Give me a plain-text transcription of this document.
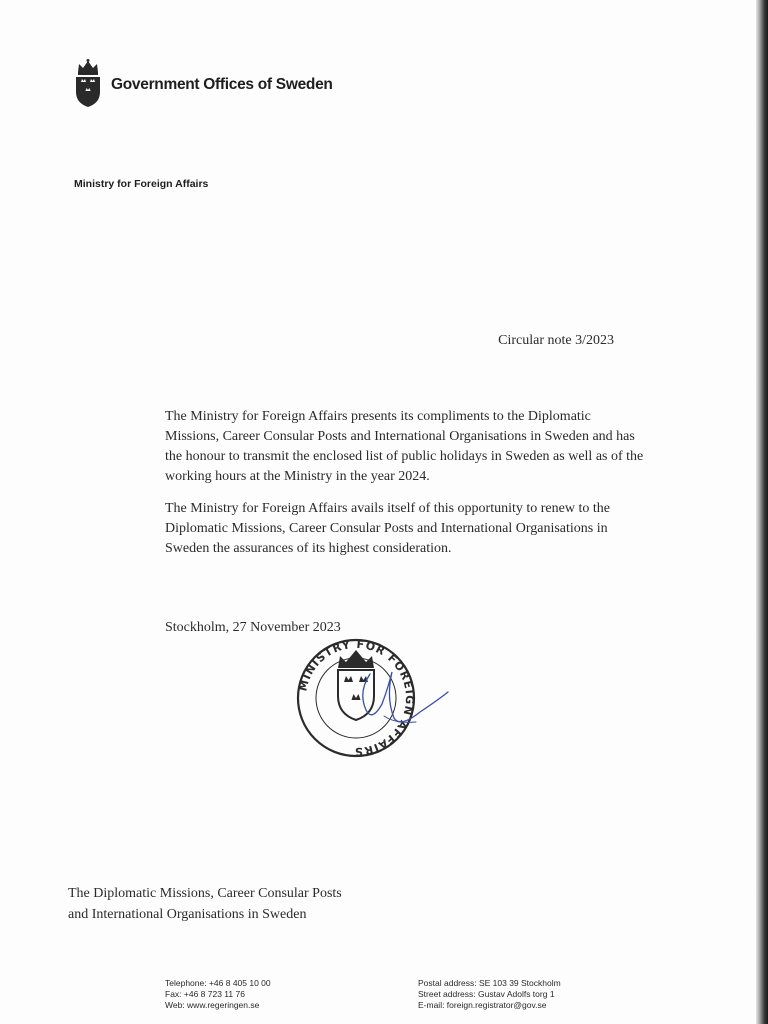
Government Offices of Sweden
Ministry for Foreign Affairs
Circular note 3/2023

The Ministry for Foreign Affairs presents its compliments to the Diplomatic Missions, Career Consular Posts and International Organisations in Sweden and has the honour to transmit the enclosed list of public holidays in Sweden as well as of the working hours at the Ministry in the year 2024.

The Ministry for Foreign Affairs avails itself of this opportunity to renew to the Diplomatic Missions, Career Consular Posts and International Organisations in Sweden the assurances of its highest consideration.

Stockholm, 27 November 2023
MINISTRY FOR FOREIGN AFFAIRS
The Diplomatic Missions, Career Consular Posts
and International Organisations in Sweden
Telephone: +46 8 405 10 00
Fax: +46 8 723 11 76
Web: www.regeringen.se
Postal address: SE 103 39 Stockholm
Street address: Gustav Adolfs torg 1
E-mail: foreign.registrator@gov.se
